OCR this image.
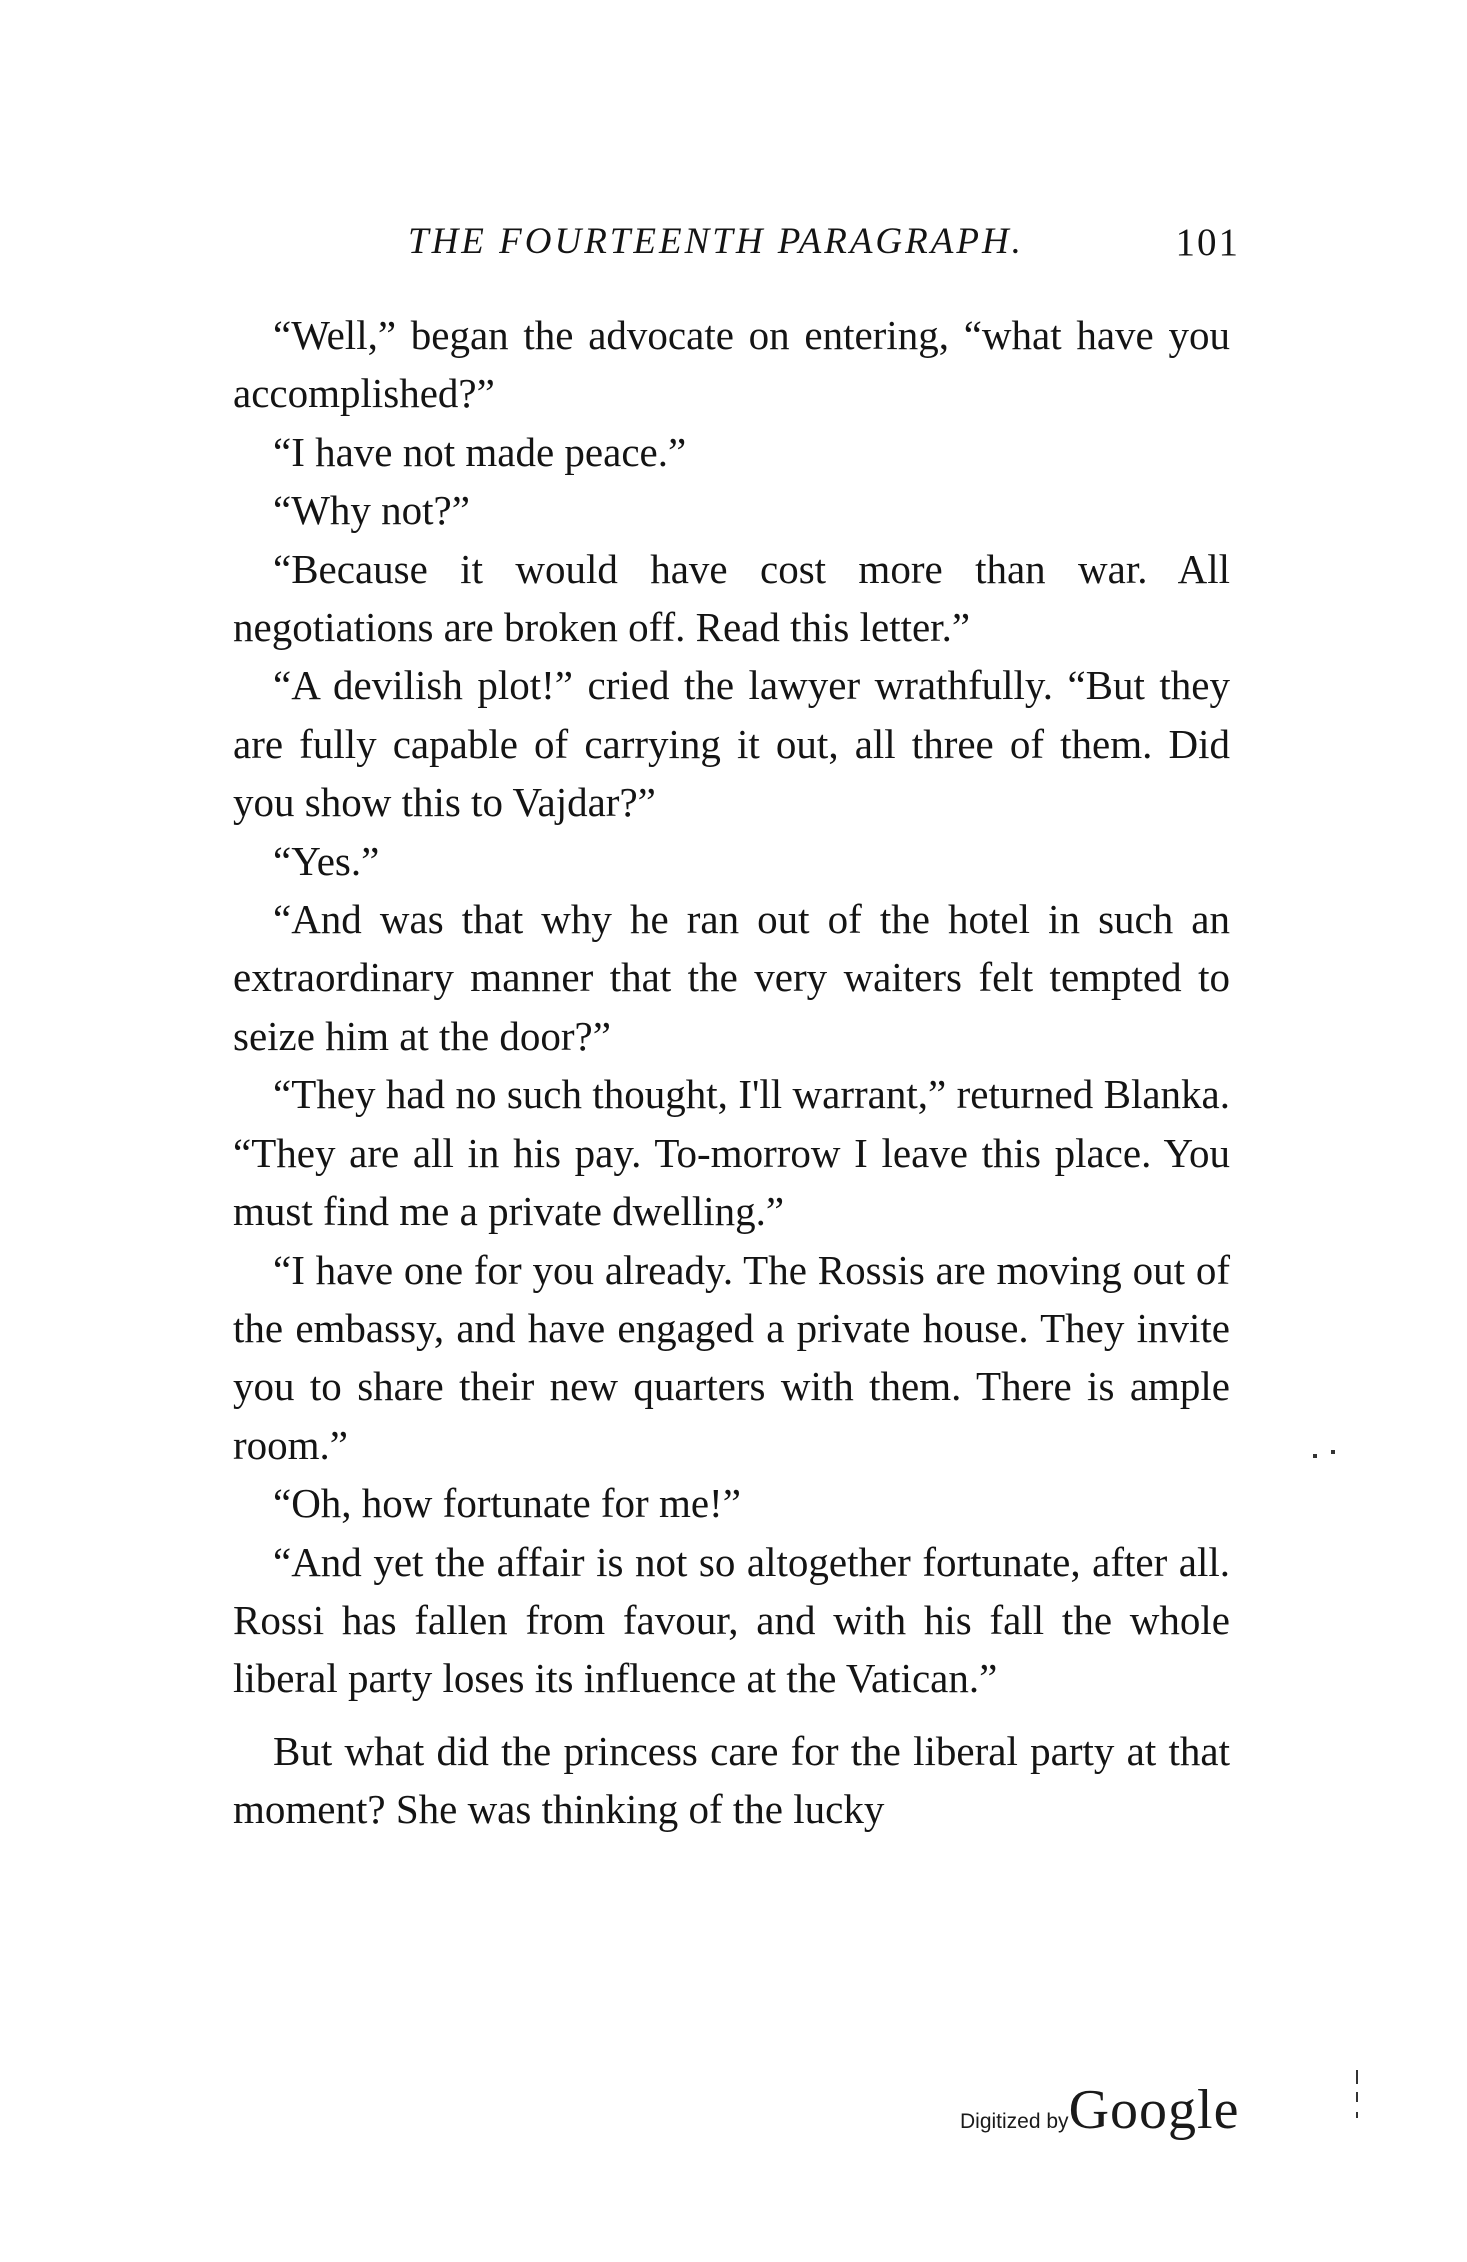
THE FOURTEENTH PARAGRAPH.	101

“Well,” began the advocate on entering, “what have you accomplished?”

“I have not made peace.”

“Why not?”

“Because it would have cost more than war. All negotiations are broken off. Read this letter.”

“A devilish plot!” cried the lawyer wrathfully. “But they are fully capable of carrying it out, all three of them. Did you show this to Vajdar?”

“Yes.”

“And was that why he ran out of the hotel in such an extraordinary manner that the very waiters felt tempted to seize him at the door?”

“They had no such thought, I'll warrant,” returned Blanka. “They are all in his pay. To-morrow I leave this place. You must find me a private dwelling.”

“I have one for you already. The Rossis are moving out of the embassy, and have engaged a private house. They invite you to share their new quarters with them. There is ample room.”

“Oh, how fortunate for me!”

“And yet the affair is not so altogether fortunate, after all. Rossi has fallen from favour, and with his fall the whole liberal party loses its influence at the Vatican.”

But what did the princess care for the liberal party at that moment? She was thinking of the lucky

Digitized byGoogle
